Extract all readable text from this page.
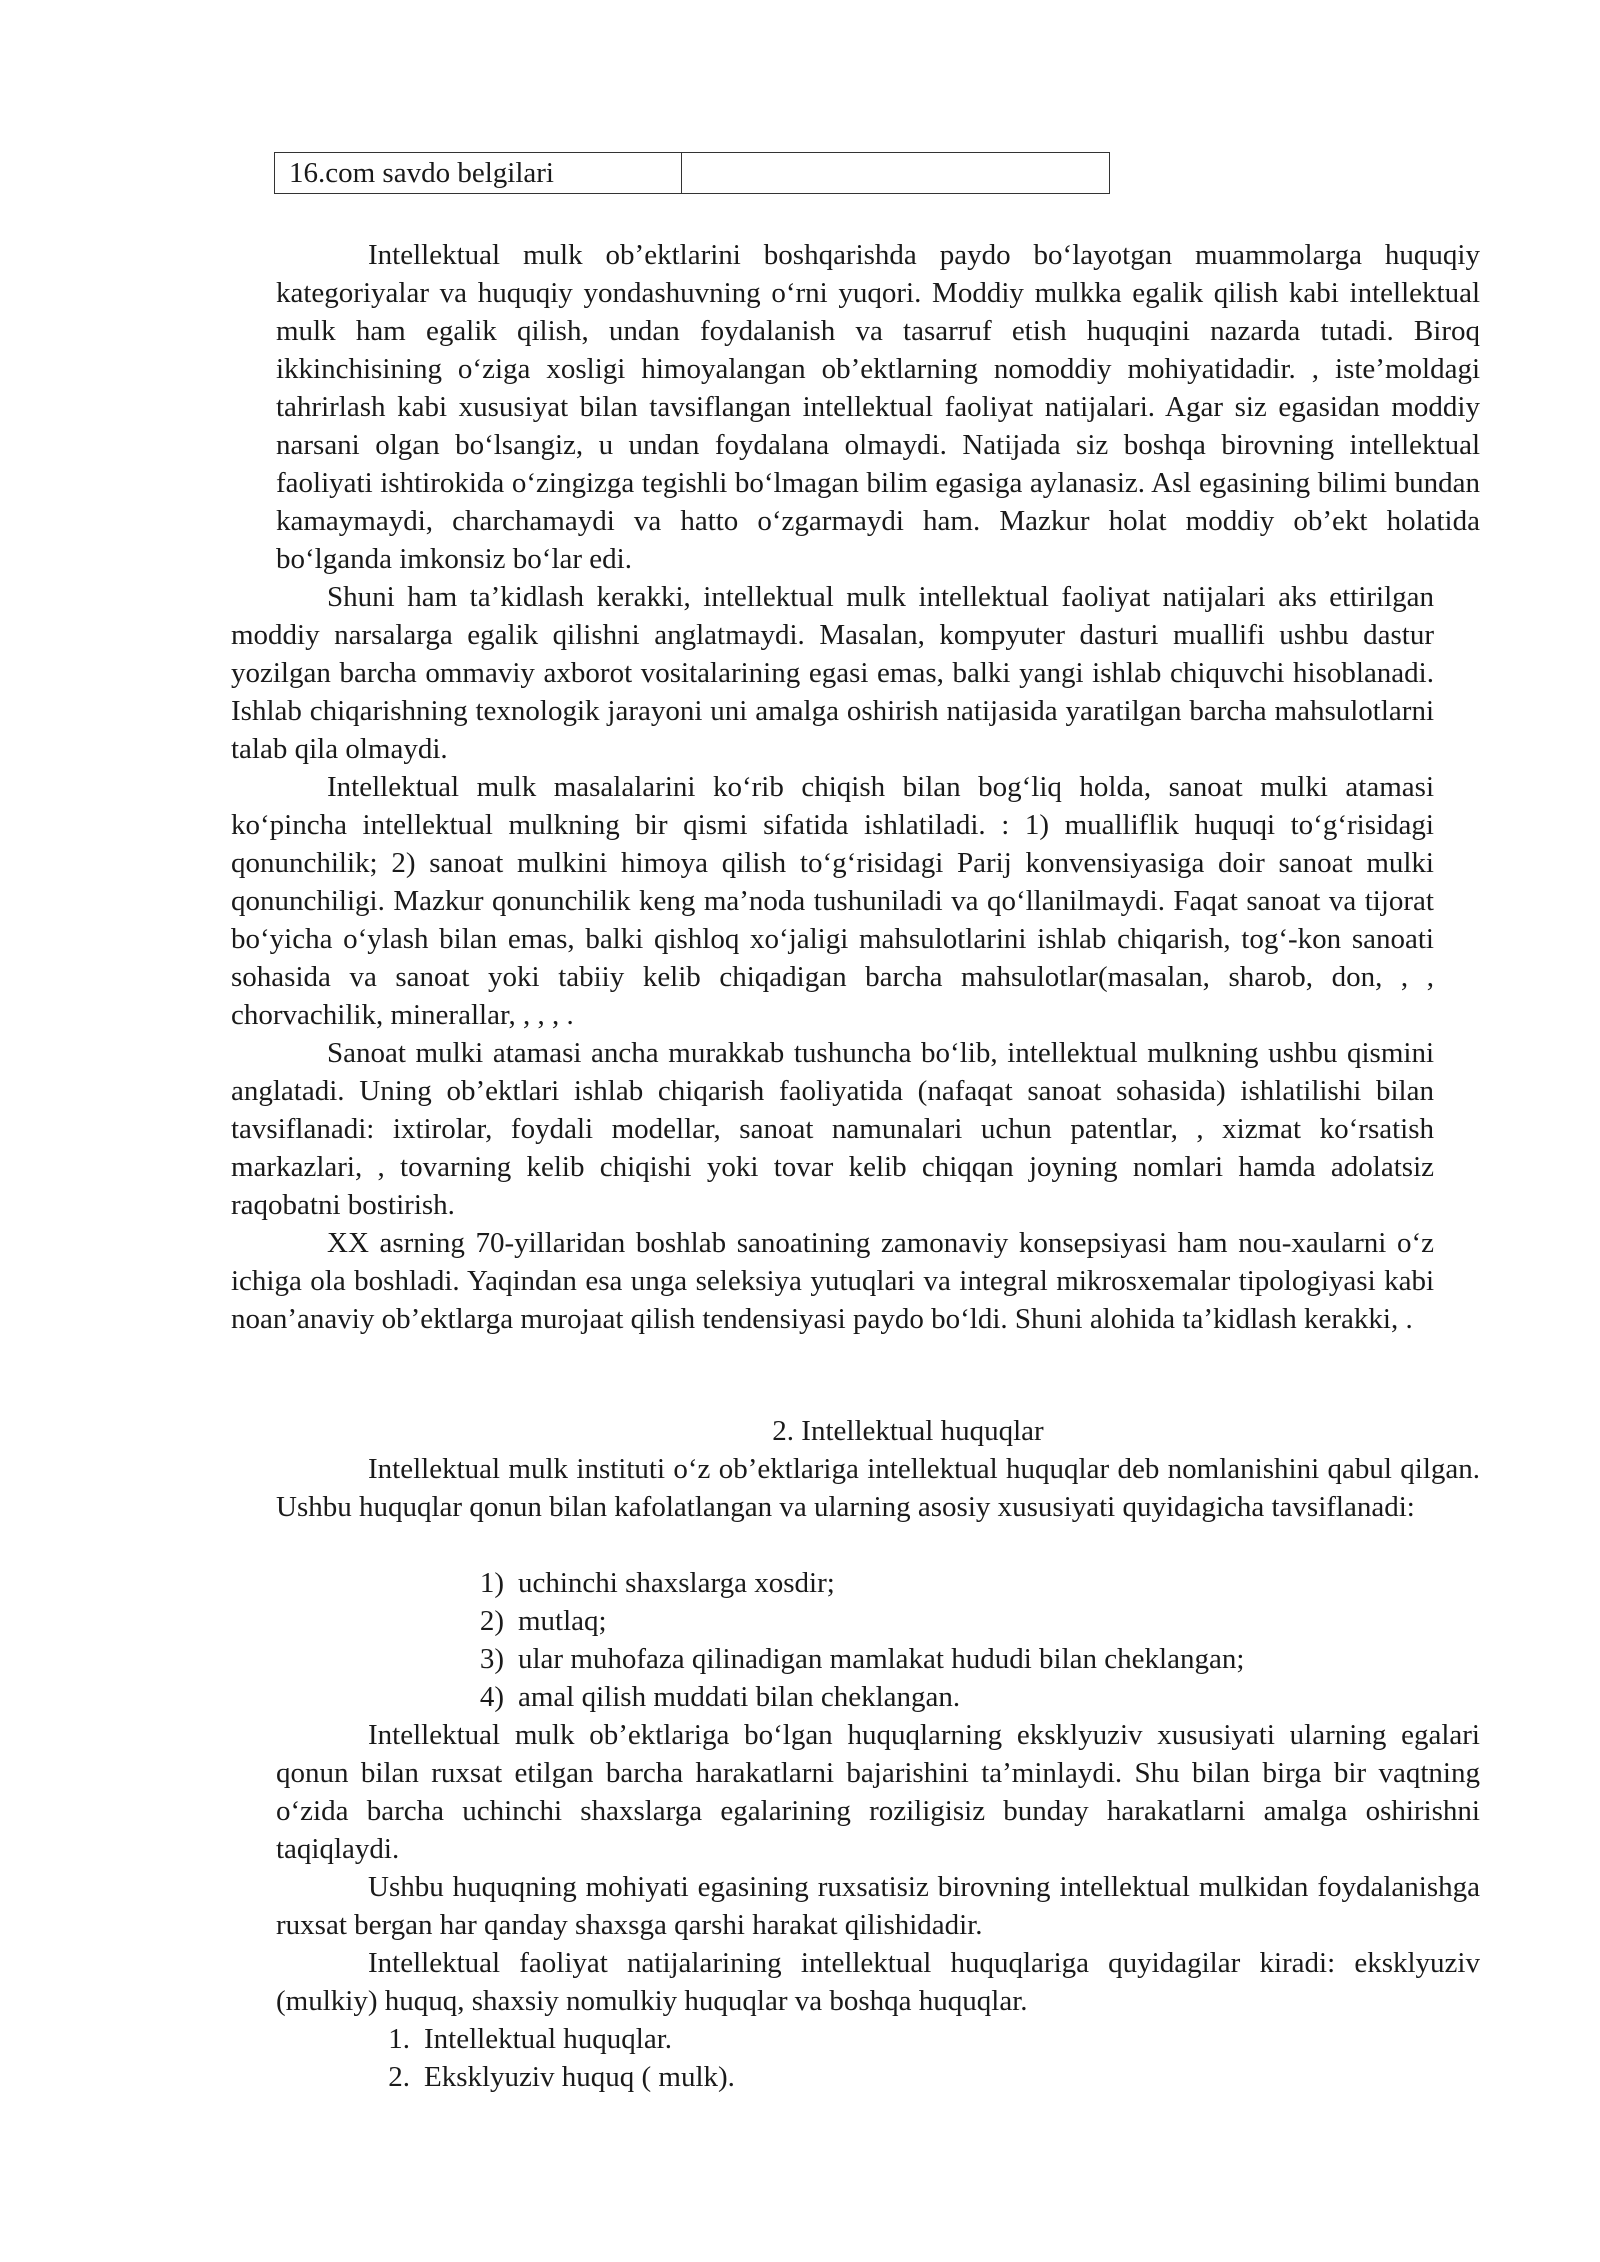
16.com savdo belgilari	

Intellektual mulk ob’ektlarini boshqarishda paydo bo‘layotgan muammolarga huquqiy kategoriyalar va huquqiy yondashuvning o‘rni yuqori. Moddiy mulkka egalik qilish kabi intellektual mulk ham egalik qilish, undan foydalanish va tasarruf etish huquqini nazarda tutadi. Biroq ikkinchisining o‘ziga xosligi himoyalangan ob’ektlarning nomoddiy mohiyatidadir. , iste’moldagi tahrirlash kabi xususiyat bilan tavsiflangan intellektual faoliyat natijalari. Agar siz egasidan moddiy narsani olgan bo‘lsangiz, u undan foydalana olmaydi. Natijada siz boshqa birovning intellektual faoliyati ishtirokida o‘zingizga tegishli bo‘lmagan bilim egasiga aylanasiz. Asl egasining bilimi bundan kamaymaydi, charchamaydi va hatto o‘zgarmaydi ham. Mazkur holat moddiy ob’ekt holatida bo‘lganda imkonsiz bo‘lar edi.

Shuni ham ta’kidlash kerakki, intellektual mulk intellektual faoliyat natijalari aks ettirilgan moddiy narsalarga egalik qilishni anglatmaydi. Masalan, kompyuter dasturi muallifi ushbu dastur yozilgan barcha ommaviy axborot vositalarining egasi emas, balki yangi ishlab chiquvchi hisoblanadi. Ishlab chiqarishning texnologik jarayoni uni amalga oshirish natijasida yaratilgan barcha mahsulotlarni talab qila olmaydi.

Intellektual mulk masalalarini ko‘rib chiqish bilan bog‘liq holda, sanoat mulki atamasi ko‘pincha intellektual mulkning bir qismi sifatida ishlatiladi. : 1) mualliflik huquqi to‘g‘risidagi qonunchilik; 2) sanoat mulkini himoya qilish to‘g‘risidagi Parij konvensiyasiga doir sanoat mulki qonunchiligi. Mazkur qonunchilik keng ma’noda tushuniladi va qo‘llanilmaydi. Faqat sanoat va tijorat bo‘yicha o‘ylash bilan emas, balki qishloq xo‘jaligi mahsulotlarini ishlab chiqarish, tog‘-kon sanoati sohasida va sanoat yoki tabiiy kelib chiqadigan barcha mahsulotlar(masalan, sharob, don, , , chorvachilik, minerallar, , , , .

Sanoat mulki atamasi ancha murakkab tushuncha bo‘lib, intellektual mulkning ushbu qismini anglatadi. Uning ob’ektlari ishlab chiqarish faoliyatida (nafaqat sanoat sohasida) ishlatilishi bilan tavsiflanadi: ixtirolar, foydali modellar, sanoat namunalari uchun patentlar, , xizmat ko‘rsatish markazlari, , tovarning kelib chiqishi yoki tovar kelib chiqqan joyning nomlari hamda adolatsiz raqobatni bostirish.

XX asrning 70-yillaridan boshlab sanoatining zamonaviy konsepsiyasi ham nou-xaularni o‘z ichiga ola boshladi. Yaqindan esa unga seleksiya yutuqlari va integral mikrosxemalar tipologiyasi kabi noan’anaviy ob’ektlarga murojaat qilish tendensiyasi paydo bo‘ldi. Shuni alohida ta’kidlash kerakki, .

2. Intellektual huquqlar

Intellektual mulk instituti o‘z ob’ektlariga intellektual huquqlar deb nomlanishini qabul qilgan. Ushbu huquqlar qonun bilan kafolatlangan va ularning asosiy xususiyati quyidagicha tavsiflanadi:

1) uchinchi shaxslarga xosdir;
2) mutlaq;
3) ular muhofaza qilinadigan mamlakat hududi bilan cheklangan;
4) amal qilish muddati bilan cheklangan.

Intellektual mulk ob’ektlariga bo‘lgan huquqlarning eksklyuziv xususiyati ularning egalari qonun bilan ruxsat etilgan barcha harakatlarni bajarishini ta’minlaydi. Shu bilan birga bir vaqtning o‘zida barcha uchinchi shaxslarga egalarining roziligisiz bunday harakatlarni amalga oshirishni taqiqlaydi.

Ushbu huquqning mohiyati egasining ruxsatisiz birovning intellektual mulkidan foydalanishga ruxsat bergan har qanday shaxsga qarshi harakat qilishidadir.

Intellektual faoliyat natijalarining intellektual huquqlariga quyidagilar kiradi: eksklyuziv (mulkiy) huquq, shaxsiy nomulkiy huquqlar va boshqa huquqlar.

1. Intellektual huquqlar.
2. Eksklyuziv huquq ( mulk).
